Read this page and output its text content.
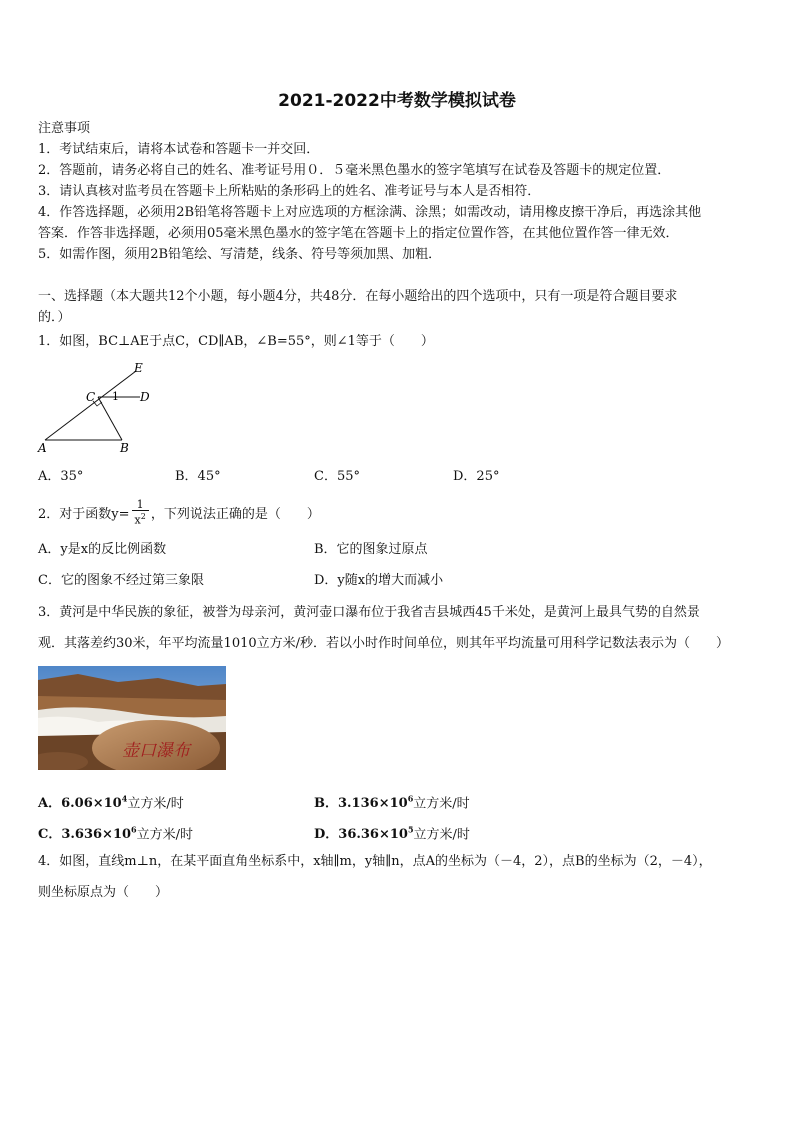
2021-2022中考数学模拟试卷
注意事项
1．考试结束后，请将本试卷和答题卡一并交回．
2．答题前，请务必将自己的姓名、准考证号用０．５毫米黑色墨水的签字笔填写在试卷及答题卡的规定位置．
3．请认真核对监考员在答题卡上所粘贴的条形码上的姓名、准考证号与本人是否相符．
4．作答选择题，必须用2B铅笔将答题卡上对应选项的方框涂满、涂黑；如需改动，请用橡皮擦干净后，再选涂其他
答案．作答非选择题，必须用05毫米黑色墨水的签字笔在答题卡上的指定位置作答，在其他位置作答一律无效．
5．如需作图，须用2B铅笔绘、写清楚，线条、符号等须加黑、加粗．
一、选择题（本大题共12个小题，每小题4分，共48分．在每小题给出的四个选项中，只有一项是符合题目要求
的．）
1．如图，BC⊥AE于点C，CD∥AB，∠B=55°，则∠1等于（　　）
E
C 1 D
A	B
A．35°	B．45°	C．55°	D．25°
2．对于函数$y= \frac{1}{x^2}$ ，下列说法正确的是（　　）
A．y是x的反比例函数	B．它的图象过原点
C．它的图象不经过第三象限	D．y随x的增大而减小
3．黄河是中华民族的象征，被誉为母亲河，黄河壶口瀑布位于我省吉县城西45千米处，是黄河上最具气势的自然景
观．其落差约30米，年平均流量1010立方米/秒．若以小时作时间单位，则其年平均流量可用科学记数法表示为（　　）
壶口瀑布
A．$6.06\times 10^4$立方米/时	B．$3.136\times 10^6$立方米/时
C．$3.636\times 10^6$立方米/时	D．$36.36\times 10^5$立方米/时
4．如图，直线m⊥n，在某平面直角坐标系中，x轴∥m，y轴∥n，点A的坐标为（－4，2），点B的坐标为（2，－4），
则坐标原点为（　　）
